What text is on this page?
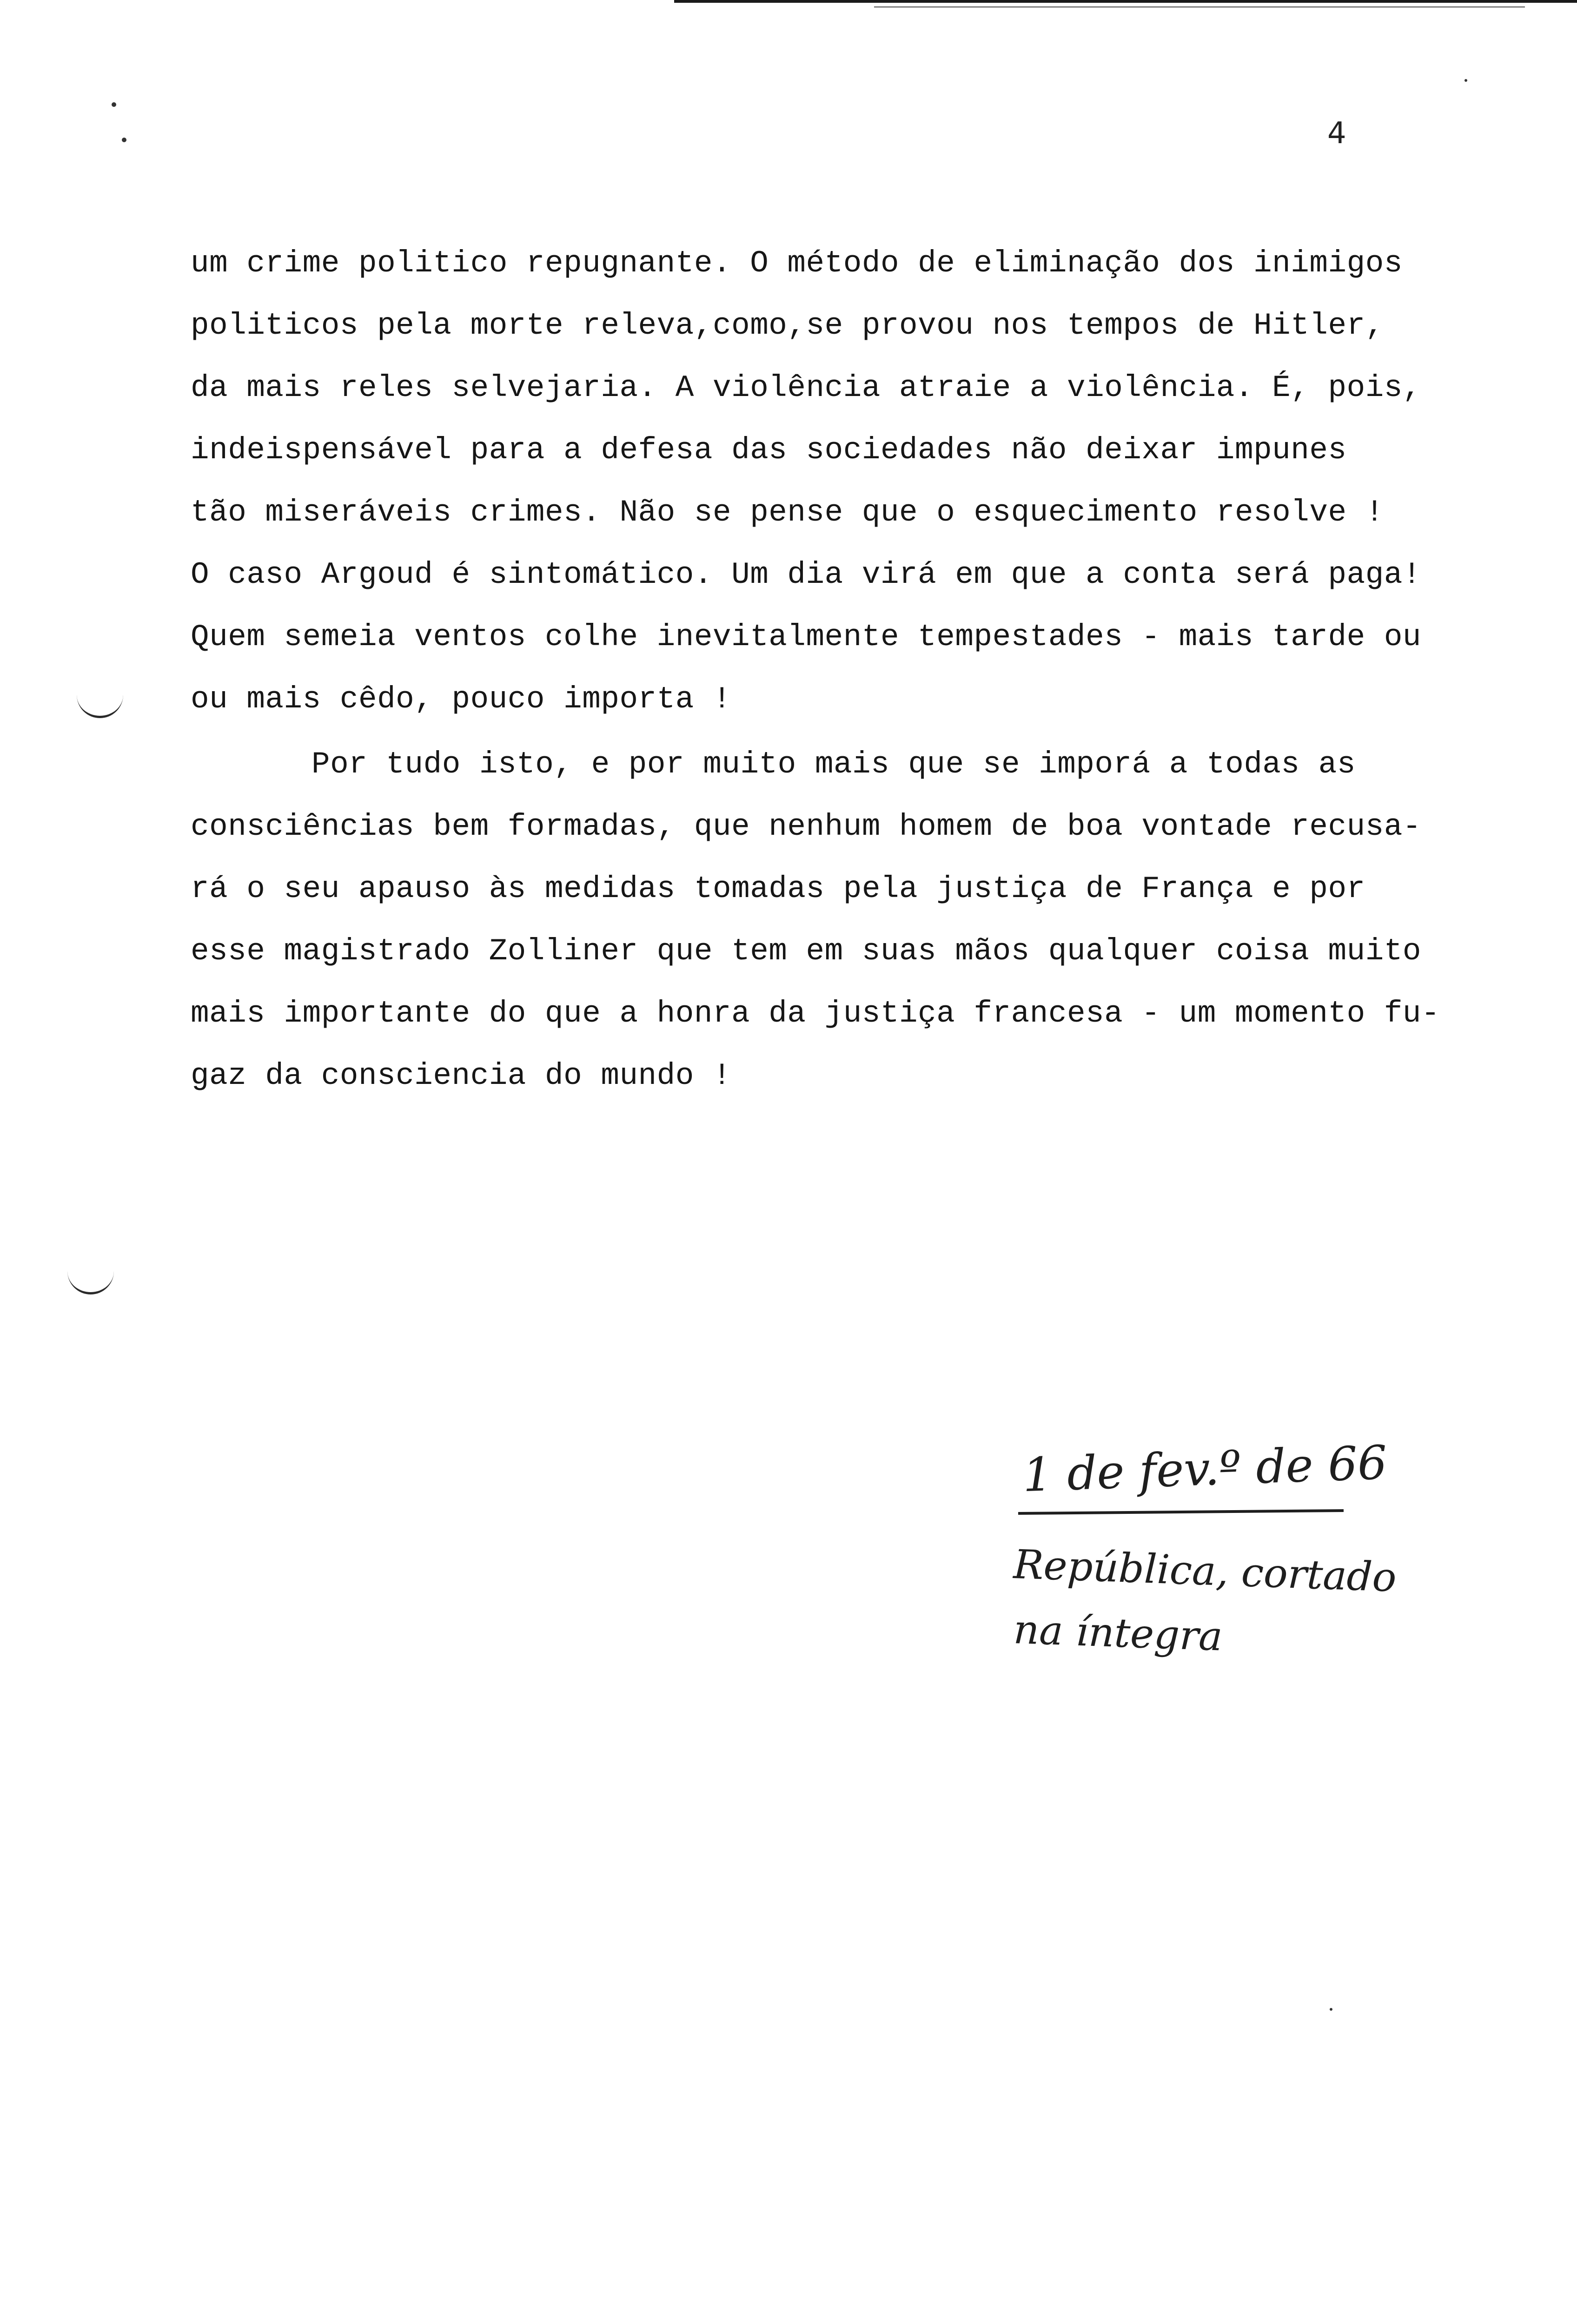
4
um crime politico repugnante. O método de eliminação dos inimigos
politicos pela morte releva,como,se provou nos tempos de Hitler,
da mais reles selvejaria. A violência atraie a violência. É, pois,
indeispensável para a defesa das sociedades não deixar impunes
tão miseráveis crimes. Não se pense que o esquecimento resolve !
O caso Argoud é sintomático. Um dia virá em que a conta será paga!
Quem semeia ventos colhe inevitalmente tempestades - mais tarde ou
ou mais cêdo, pouco importa !
Por tudo isto, e por muito mais que se imporá a todas as
consciências bem formadas, que nenhum homem de boa vontade recusa-
rá o seu apauso às medidas tomadas pela justiça de França e por
esse magistrado Zolliner que tem em suas mãos qualquer coisa muito
mais importante do que a honra da justiça francesa - um momento fu-
gaz da consciencia do mundo !
1 de fev.º de 66
República, cortado
na íntegra
